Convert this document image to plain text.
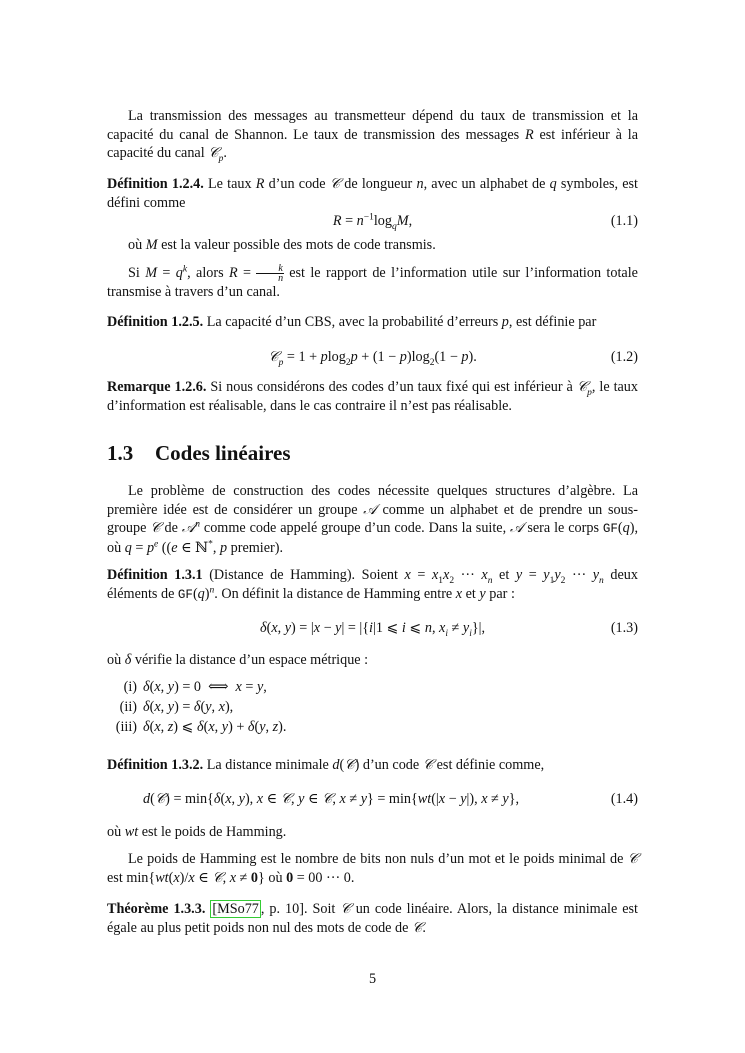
La transmission des messages au transmetteur dépend du taux de transmission et la capacité du canal de Shannon. Le taux de transmission des messages R est inférieur à la capacité du canal 𝒞$_p$.

Définition 1.2.4. Le taux R d’un code 𝒞 de longueur n, avec un alphabet de q symboles, est défini comme

$R = n^{-1}\log_qM$,	(1.1)

où M est la valeur possible des mots de code transmis.

Si $M = q^k$, alors $R = \frac{k}{n}$ est le rapport de l’information utile sur l’information totale transmise à travers d’un canal.

Définition 1.2.5. La capacité d’un CBS, avec la probabilité d’erreurs p, est définie par

𝒞$_p$ = $1 + plog_2p + (1 - p)\log_2(1 - p)$.	(1.2)

Remarque 1.2.6. Si nous considérons des codes d’un taux fixé qui est inférieur à 𝒞$_p$, le taux d’information est réalisable, dans le cas contraire il n’est pas réalisable.

1.3 Codes linéaires

Le problème de construction des codes nécessite quelques structures d’algèbre. La première idée est de considérer un groupe 𝒜 comme un alphabet et de prendre un sous-groupe 𝒞 de 𝒜$^n$ comme code appelé groupe d’un code. Dans la suite, 𝒜 sera le corps GF(q), où $q = p^e$ ((e ∈ ℕ*, p premier).

Définition 1.3.1 (Distance de Hamming). Soient $x = x_1x_2$ ··· $x_n$ et $y = y_1y_2$ ··· $y_n$ deux éléments de $GF(q)^n$. On définit la distance de Hamming entre x et y par :

δ(x, y) = |x − y| = |{i|1 ⩽ i ⩽ n, $x_i \ne y_i\}|$,	(1.3)

où δ vérifie la distance d’un espace métrique :

(i) δ(x, y) = 0  ⟺  x = y,
(ii) δ(x, y) = δ(y, x),
(iii) δ(x, z) ⩽ δ(x, y) + δ(y, z).

Définition 1.3.2. La distance minimale d(𝒞) d’un code 𝒞 est définie comme,

d(𝒞) = min{δ(x, y), x ∈ 𝒞, y ∈ 𝒞, x ≠ y} = min{wt(|x − y|), x ≠ y},	(1.4)

où wt est le poids de Hamming.

Le poids de Hamming est le nombre de bits non nuls d’un mot et le poids minimal de 𝒞 est min{wt(x)/x ∈ 𝒞, x ≠ 0} où 0 = 00 ··· 0.

Théorème 1.3.3. [MSo77 , p. 10]. Soit 𝒞 un code linéaire. Alors, la distance minimale est égale au plus petit poids non nul des mots de code de 𝒞.

5
